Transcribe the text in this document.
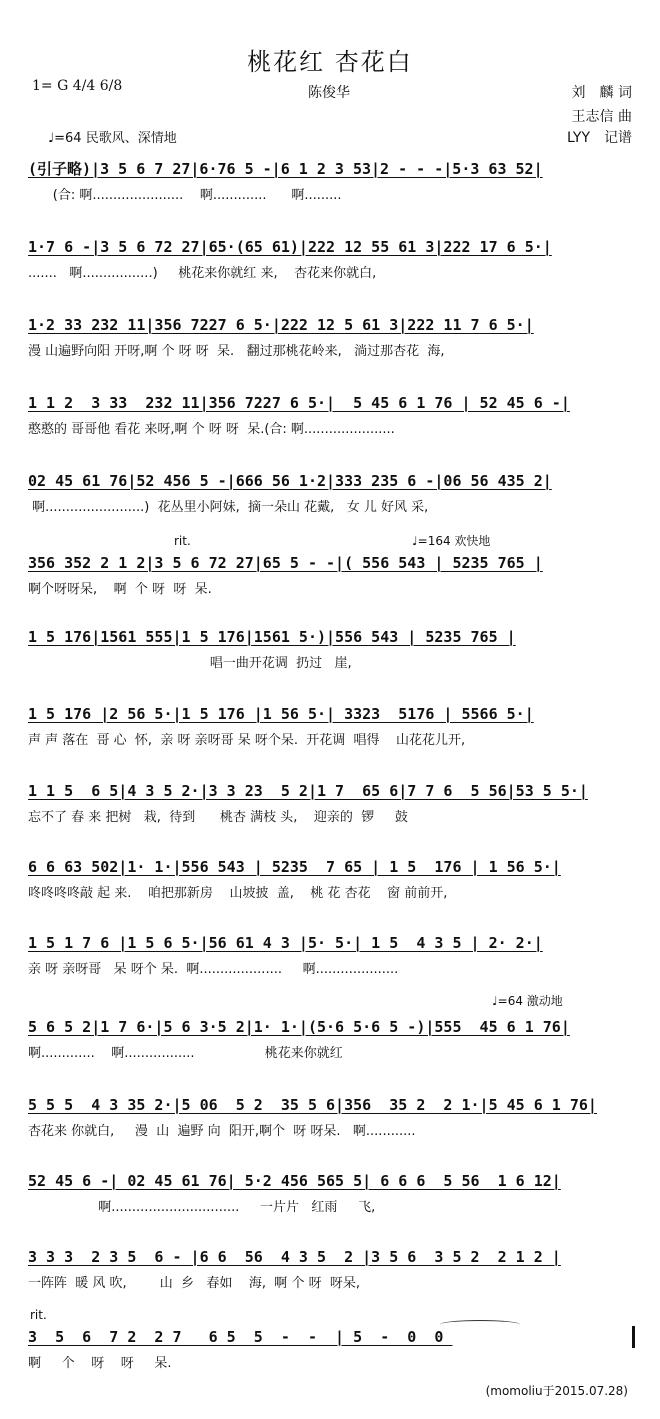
桃花红 杏花白
1= G 4/4 6/8	陈俊华	刘　麟 词
王志信 曲
LYY　记谱
♩=64 民歌风、深情地
(引子略)|3 5 6 7 27|6·76 5 -|6 1 2 3 53|2 - - -|5·3 63 52|
(合: 啊......................    啊.............      啊.........
1·7 6 -|3 5 6 72 27|65·(65 61)|222 12 55 61 3|222 17 6 5·|
.......   啊.................)     桃花来你就红 来,    杏花来你就白,
1·2 33 232 11|356 7227 6 5·|222 12 5 61 3|222 11 7 6 5·|
漫 山遍野向阳 开呀,啊 个 呀 呀  呆.   翻过那桃花岭来,   淌过那杏花  海,
1 1 2  3 33  232 11|356 7227 6 5·|  5 45 6 1 76 | 52 45 6 -|
憨憨的 哥哥他 看花 来呀,啊 个 呀 呀  呆.(合: 啊......................
02 45 61 76|52 456 5 -|666 56 1·2|333 235 6 -|06 56 435 2|
啊........................)  花丛里小阿妹,  摘一朵山 花戴,   女 儿 好风 采,
rit.	♩=164 欢快地
356 352 2 1 2|3 5 6 72 27|65 5 - -|( 556 543 | 5235 765 |
啊个呀呀呆,    啊  个 呀  呀  呆.
1 5 176|1561 555|1 5 176|1561 5·)|556 543 | 5235 765 |
唱一曲开花调  扔过   崖,
1 5 176 |2 56 5·|1 5 176 |1 56 5·| 3323  5176 | 5566 5·|
声 声 落在  哥 心  怀,  亲 呀 亲呀哥 呆 呀个呆.  开花调  唱得    山花花儿开,
1 1 5  6 5|4 3 5 2·|3 3 23  5 2|1 7  65 6|7 7 6  5 56|53 5 5·|
忘不了 春 来 把树   栽,  待到      桃杏 满枝 头,    迎亲的  锣     鼓
6 6 63 502|1· 1·|556 543 | 5235  7 65 | 1 5  176 | 1 56 5·|
咚咚咚咚敲 起 来.    咱把那新房    山坡披  盖,    桃 花 杏花    窗 前前开,
1 5 1 7 6 |1 5 6 5·|56 61 4 3 |5· 5·| 1 5  4 3 5 | 2· 2·|
亲 呀 亲呀哥   呆 呀个 呆.  啊....................     啊....................
♩=64 激动地
5 6 5 2|1 7 6·|5 6 3·5 2|1· 1·|(5·6 5·6 5 -)|555  45 6 1 76|
啊.............    啊.................                 桃花来你就红
5 5 5  4 3 35 2·|5 06  5 2  35 5 6|356  35 2  2 1·|5 45 6 1 76|
杏花来 你就白,     漫  山  遍野 向  阳开,啊个  呀 呀呆.   啊............
52 45 6 -| 02 45 61 76| 5·2 456 565 5| 6 6 6  5 56  1 6 12|
啊...............................     一片片   红雨     飞,
3 3 3  2 3 5  6 - |6 6  56  4 3 5  2 |3 5 6  3 5 2  2 1 2 |
一阵阵  暖 风 吹,        山  乡   春如    海,  啊 个 呀  呀呆,
rit.
3  5  6  7 2  2 7   6 5  5  -  -  | 5  -  0  0
啊     个    呀    呀     呆.
(momoliu于2015.07.28)
